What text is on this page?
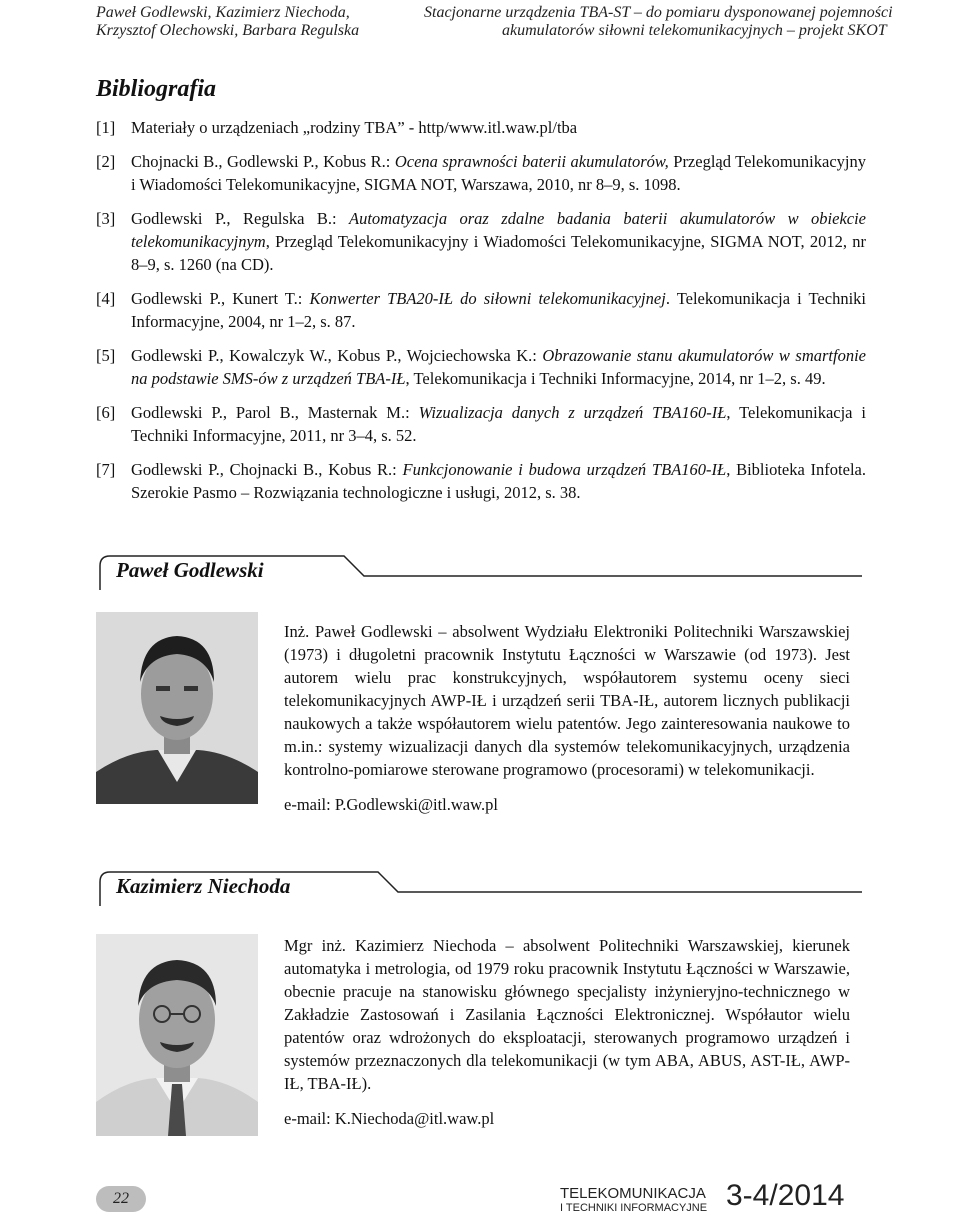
Paweł Godlewski, Kazimierz Niechoda,
Krzysztof Olechowski, Barbara Regulska
Stacjonarne urządzenia TBA-ST – do pomiaru dysponowanej pojemności
akumulatorów siłowni telekomunikacyjnych – projekt SKOT
Bibliografia
[1] Materiały o urządzeniach „rodziny TBA” - http/www.itl.waw.pl/tba
[2] Chojnacki B., Godlewski P., Kobus R.: Ocena sprawności baterii akumulatorów, Przegląd Telekomunikacyjny i Wiadomości Telekomunikacyjne, SIGMA NOT, Warszawa, 2010, nr 8–9, s. 1098.
[3] Godlewski P., Regulska B.: Automatyzacja oraz zdalne badania baterii akumulatorów w obiekcie telekomunikacyjnym, Przegląd Telekomunikacyjny i Wiadomości Telekomunikacyjne, SIGMA NOT, 2012, nr 8–9, s. 1260 (na CD).
[4] Godlewski P., Kunert T.: Konwerter TBA20-IŁ do siłowni telekomunikacyjnej. Telekomunikacja i Techniki Informacyjne, 2004, nr 1–2, s. 87.
[5] Godlewski P., Kowalczyk W., Kobus P., Wojciechowska K.: Obrazowanie stanu akumulatorów w smartfonie na podstawie SMS-ów z urządzeń TBA-IŁ, Telekomunikacja i Techniki Informacyjne, 2014, nr 1–2, s. 49.
[6] Godlewski P., Parol B., Masternak M.: Wizualizacja danych z urządzeń TBA160-IŁ, Telekomunikacja i Techniki Informacyjne, 2011, nr 3–4, s. 52.
[7] Godlewski P., Chojnacki B., Kobus R.: Funkcjonowanie i budowa urządzeń TBA160-IŁ, Biblioteka Infotela. Szerokie Pasmo – Rozwiązania technologiczne i usługi, 2012, s. 38.
Paweł Godlewski
Inż. Paweł Godlewski – absolwent Wydziału Elektroniki Politechniki Warszawskiej (1973) i długoletni pracownik Instytutu Łączności w Warszawie (od 1973). Jest autorem wielu prac konstrukcyjnych, współautorem systemu oceny sieci telekomunikacyjnych AWP-IŁ i urządzeń serii TBA-IŁ, autorem licznych publikacji naukowych a także współautorem wielu patentów. Jego zainteresowania naukowe to m.in.: systemy wizualizacji danych dla systemów telekomunikacyjnych, urządzenia kontrolno-pomiarowe sterowane programowo (procesorami) w telekomunikacji.
e-mail: P.Godlewski@itl.waw.pl
Kazimierz Niechoda
Mgr inż. Kazimierz Niechoda – absolwent Politechniki Warszawskiej, kierunek automatyka i metrologia, od 1979 roku pracownik Instytutu Łączności w Warszawie, obecnie pracuje na stanowisku głównego specjalisty inżynieryjno-technicznego w Zakładzie Zastosowań i Zasilania Łączności Elektronicznej. Współautor wielu patentów oraz wdrożonych do eksploatacji, sterowanych programowo urządzeń i systemów przeznaczonych dla telekomunikacji (w tym ABA, ABUS, AST-IŁ, AWP-IŁ, TBA-IŁ).
e-mail: K.Niechoda@itl.waw.pl
22	TELEKOMUNIKACJA
I TECHNIKI INFORMACYJNE 3-4/2014
